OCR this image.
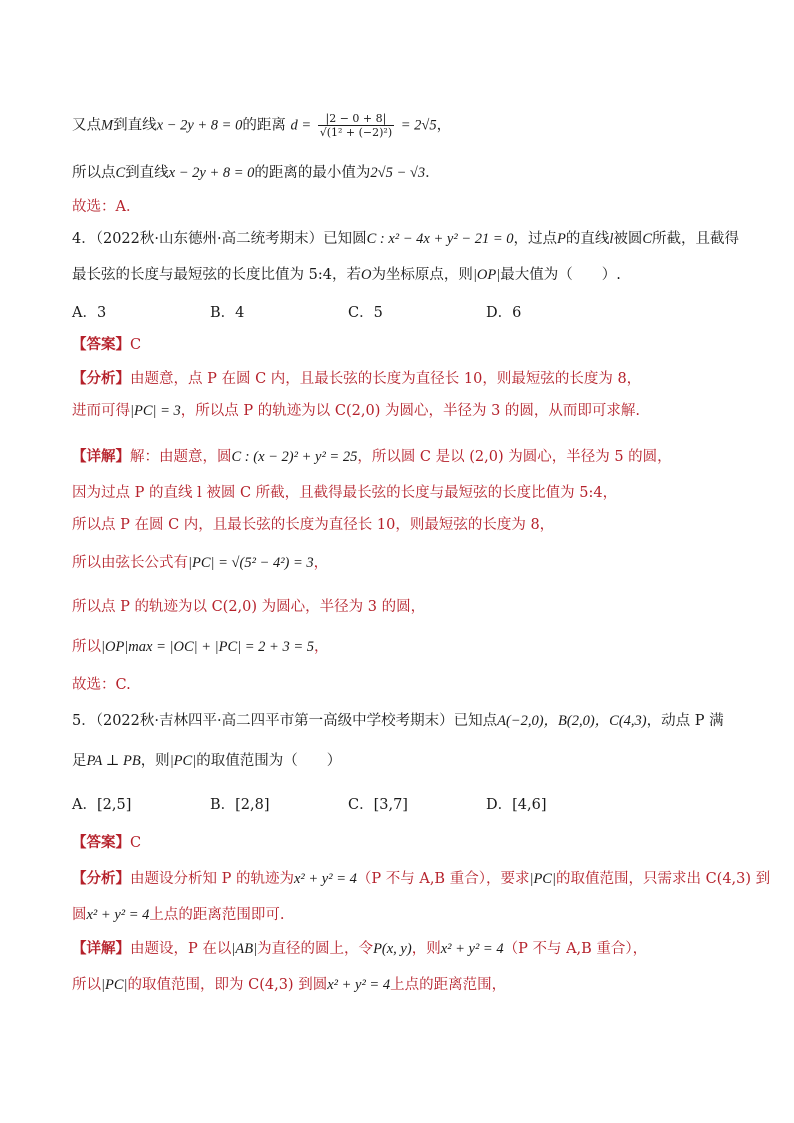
又点M到直线x − 2y + 8 = 0的距离 $d = \frac{|2 - 0 + 8|}{\text{√(1² + (−2)²)}} = 2√5$，
所以点C到直线x − 2y + 8 = 0的距离的最小值为2√5 − √3．
故选：A．
4．（2022秋·山东德州·高二统考期末）已知圆C : x² − 4x + y² − 21 = 0，过点P的直线l被圆C所截，且截得
最长弦的长度与最短弦的长度比值为 5:4，若O为坐标原点，则|OP|最大值为（　　）.
A．3	B．4	C．5	D．6
【答案】C
【分析】由题意，点 P 在圆 C 内，且最长弦的长度为直径长 10，则最短弦的长度为 8，
进而可得|PC| = 3，所以点 P 的轨迹为以 C(2,0) 为圆心，半径为 3 的圆，从而即可求解.
【详解】解：由题意，圆C : (x − 2)² + y² = 25，所以圆 C 是以 (2,0) 为圆心，半径为 5 的圆，
因为过点 P 的直线 l 被圆 C 所截，且截得最长弦的长度与最短弦的长度比值为 5:4，
所以点 P 在圆 C 内，且最长弦的长度为直径长 10，则最短弦的长度为 8，
所以由弦长公式有|PC| = √(5² − 4²) = 3，
所以点 P 的轨迹为以 C(2,0) 为圆心，半径为 3 的圆，
所以|OP|max = |OC| + |PC| = 2 + 3 = 5，
故选：C.
5．（2022秋·吉林四平·高二四平市第一高级中学校考期末）已知点A(−2,0)，B(2,0)，C(4,3)，动点 P 满
足PA ⊥ PB，则|PC|的取值范围为（　　）
A．[2,5]	B．[2,8]	C．[3,7]	D．[4,6]
【答案】C
【分析】由题设分析知 P 的轨迹为x² + y² = 4（P 不与 A,B 重合），要求|PC|的取值范围，只需求出 C(4,3) 到
圆x² + y² = 4上点的距离范围即可.
【详解】由题设，P 在以|AB|为直径的圆上，令P(x, y)，则x² + y² = 4（P 不与 A,B 重合），
所以|PC|的取值范围，即为 C(4,3) 到圆x² + y² = 4上点的距离范围，
